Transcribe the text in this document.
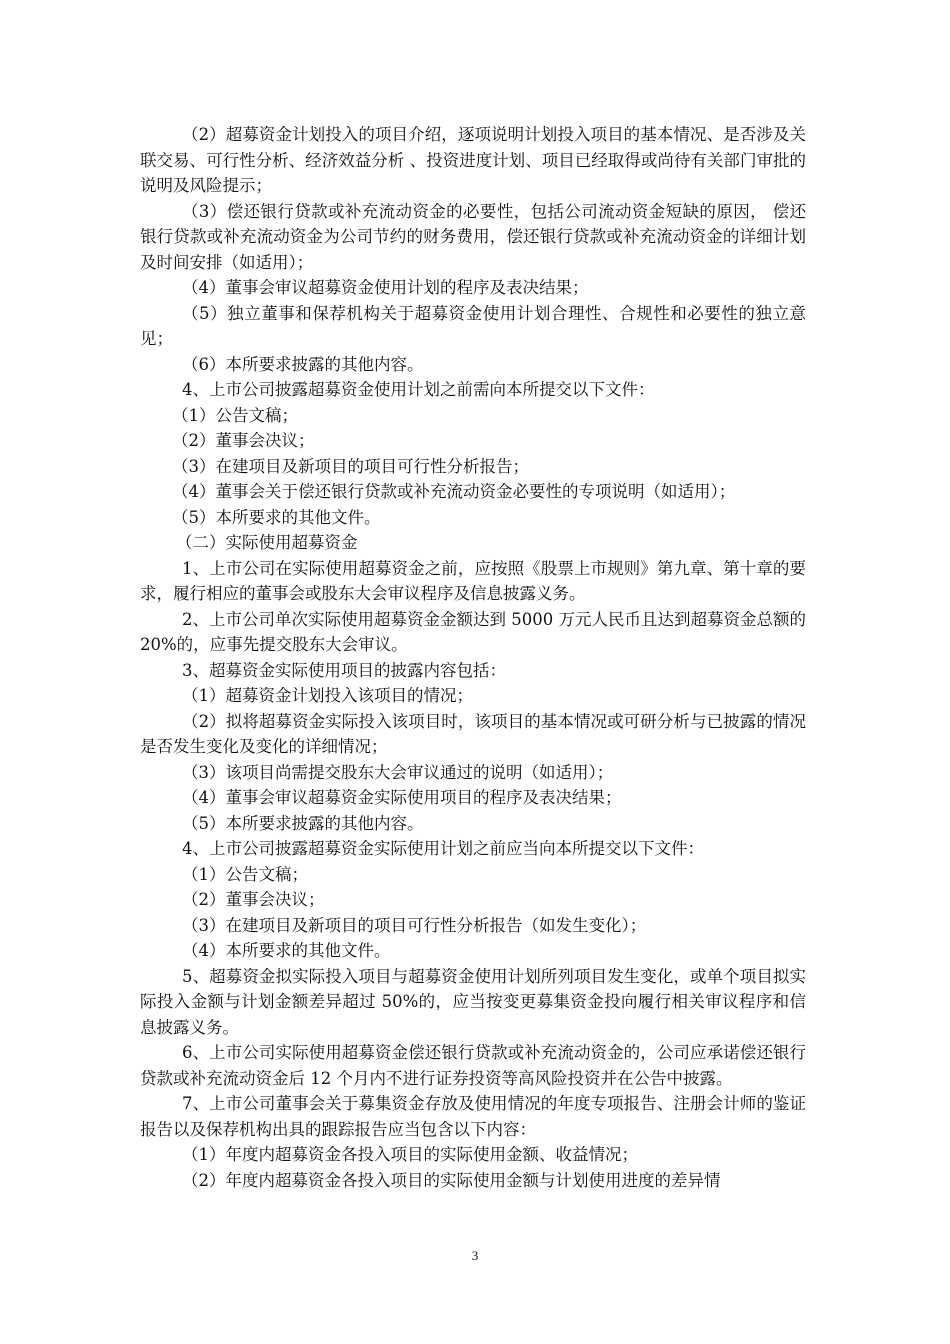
（2）超募资金计划投入的项目介绍，逐项说明计划投入项目的基本情况、是否涉及关联交易、可行性分析、经济效益分析 、投资进度计划、项目已经取得或尚待有关部门审批的说明及风险提示；

（3）偿还银行贷款或补充流动资金的必要性，包括公司流动资金短缺的原因， 偿还银行贷款或补充流动资金为公司节约的财务费用，偿还银行贷款或补充流动资金的详细计划及时间安排（如适用）；

（4）董事会审议超募资金使用计划的程序及表决结果；

（5）独立董事和保荐机构关于超募资金使用计划合理性、合规性和必要性的独立意见；

（6）本所要求披露的其他内容。

4、上市公司披露超募资金使用计划之前需向本所提交以下文件：

（1）公告文稿；

（2）董事会决议；

（3）在建项目及新项目的项目可行性分析报告；

（4）董事会关于偿还银行贷款或补充流动资金必要性的专项说明（如适用）；

（5）本所要求的其他文件。

（二）实际使用超募资金

1、上市公司在实际使用超募资金之前，应按照《股票上市规则》第九章、第十章的要求，履行相应的董事会或股东大会审议程序及信息披露义务。

2、上市公司单次实际使用超募资金金额达到 5000 万元人民币且达到超募资金总额的 20%的，应事先提交股东大会审议。

3、超募资金实际使用项目的披露内容包括：

（1）超募资金计划投入该项目的情况；

（2）拟将超募资金实际投入该项目时，该项目的基本情况或可研分析与已披露的情况是否发生变化及变化的详细情况；

（3）该项目尚需提交股东大会审议通过的说明（如适用）；

（4）董事会审议超募资金实际使用项目的程序及表决结果；

（5）本所要求披露的其他内容。

4、上市公司披露超募资金实际使用计划之前应当向本所提交以下文件：

（1）公告文稿；

（2）董事会决议；

（3）在建项目及新项目的项目可行性分析报告（如发生变化）；

（4）本所要求的其他文件。

5、超募资金拟实际投入项目与超募资金使用计划所列项目发生变化，或单个项目拟实际投入金额与计划金额差异超过 50%的，应当按变更募集资金投向履行相关审议程序和信息披露义务。

6、上市公司实际使用超募资金偿还银行贷款或补充流动资金的，公司应承诺偿还银行贷款或补充流动资金后 12 个月内不进行证券投资等高风险投资并在公告中披露。

7、上市公司董事会关于募集资金存放及使用情况的年度专项报告、注册会计师的鉴证报告以及保荐机构出具的跟踪报告应当包含以下内容：

（1）年度内超募资金各投入项目的实际使用金额、收益情况；

（2）年度内超募资金各投入项目的实际使用金额与计划使用进度的差异情

3
